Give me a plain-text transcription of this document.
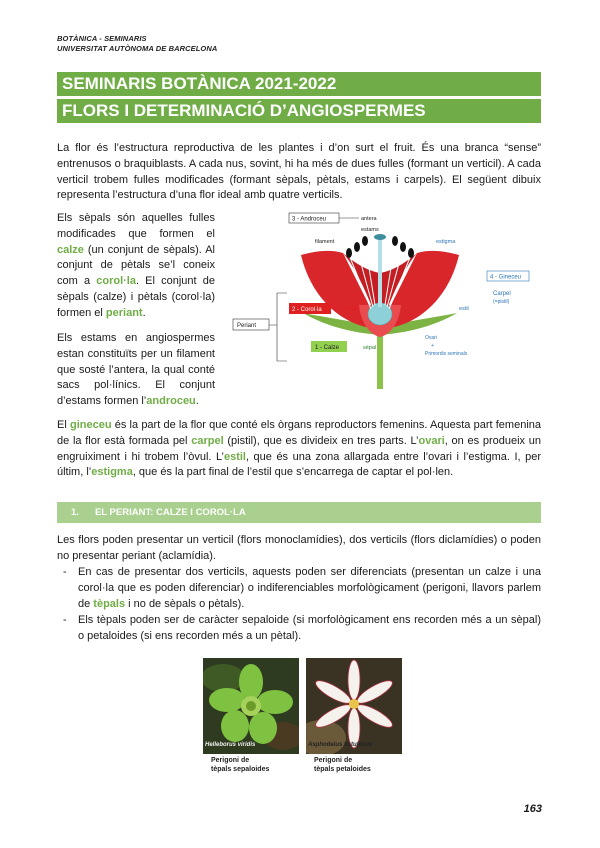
BOTÀNICA - SEMINARIS
UNIVERSITAT AUTÒNOMA DE BARCELONA
SEMINARIS BOTÀNICA 2021-2022
FLORS I DETERMINACIÓ D’ANGIOSPERMES
La flor és l’estructura reproductiva de les plantes i d’on surt el fruit. És una branca “sense” entrenusos o braquiblasts. A cada nus, sovint, hi ha més de dues fulles (formant un verticil). A cada verticil trobem fulles modificades (formant sèpals, pètals, estams i carpels). El següent dibuix representa l’estructura d’una flor ideal amb quatre verticils.
Els sèpals són aquelles fulles modificades que formen el calze (un conjunt de sèpals). Al conjunt de pètals se’l coneix com a corol·la. El conjunt de sèpals (calze) i pètals (corol·la) formen el periant.
Els estams en angiospermes estan constituïts per un filament que sosté l’antera, la qual conté sacs pol·línics. El conjunt d’estams formen l’androceu.
3 - Androceu	antera
estams
filament	estigma
4 - Gineceu
Carpel
(=pistil)
estil
2 - Corol·la	pètal
Periant
1 - Calze	sèpal
Ovari
+
Primordis seminals
El gineceu és la part de la flor que conté els òrgans reproductors femenins. Aquesta part femenina de la flor està formada pel carpel (pistil), que es divideix en tres parts. L’ovari, on es produeix un engruiximent i hi trobem l’òvul. L’estil, que és una zona allargada entre l’ovari i l’estigma. I, per últim, l’estigma, que és la part final de l’estil que s’encarrega de captar el pol·len.
1. EL PERIANT: CALZE I COROL·LA
Les flors poden presentar un verticil (flors monoclamídies), dos verticils (flors diclamídies) o poden no presentar periant (aclamídia).
- En cas de presentar dos verticils, aquests poden ser diferenciats (presentan un calze i una corol·la que es poden diferenciar) o indiferenciables morfològicament (perigoni, llavors parlem de tèpals i no de sèpals o pètals).
- Els tèpals poden ser de caràcter sepaloide (si morfològicament ens recorden més a un sèpal) o petaloides (si ens recorden més a un pètal).
Helleborus viridis	Asphodelus fistulosus
Perigoni de
tèpals sepaloides
Perigoni de
tèpals petaloides
163
